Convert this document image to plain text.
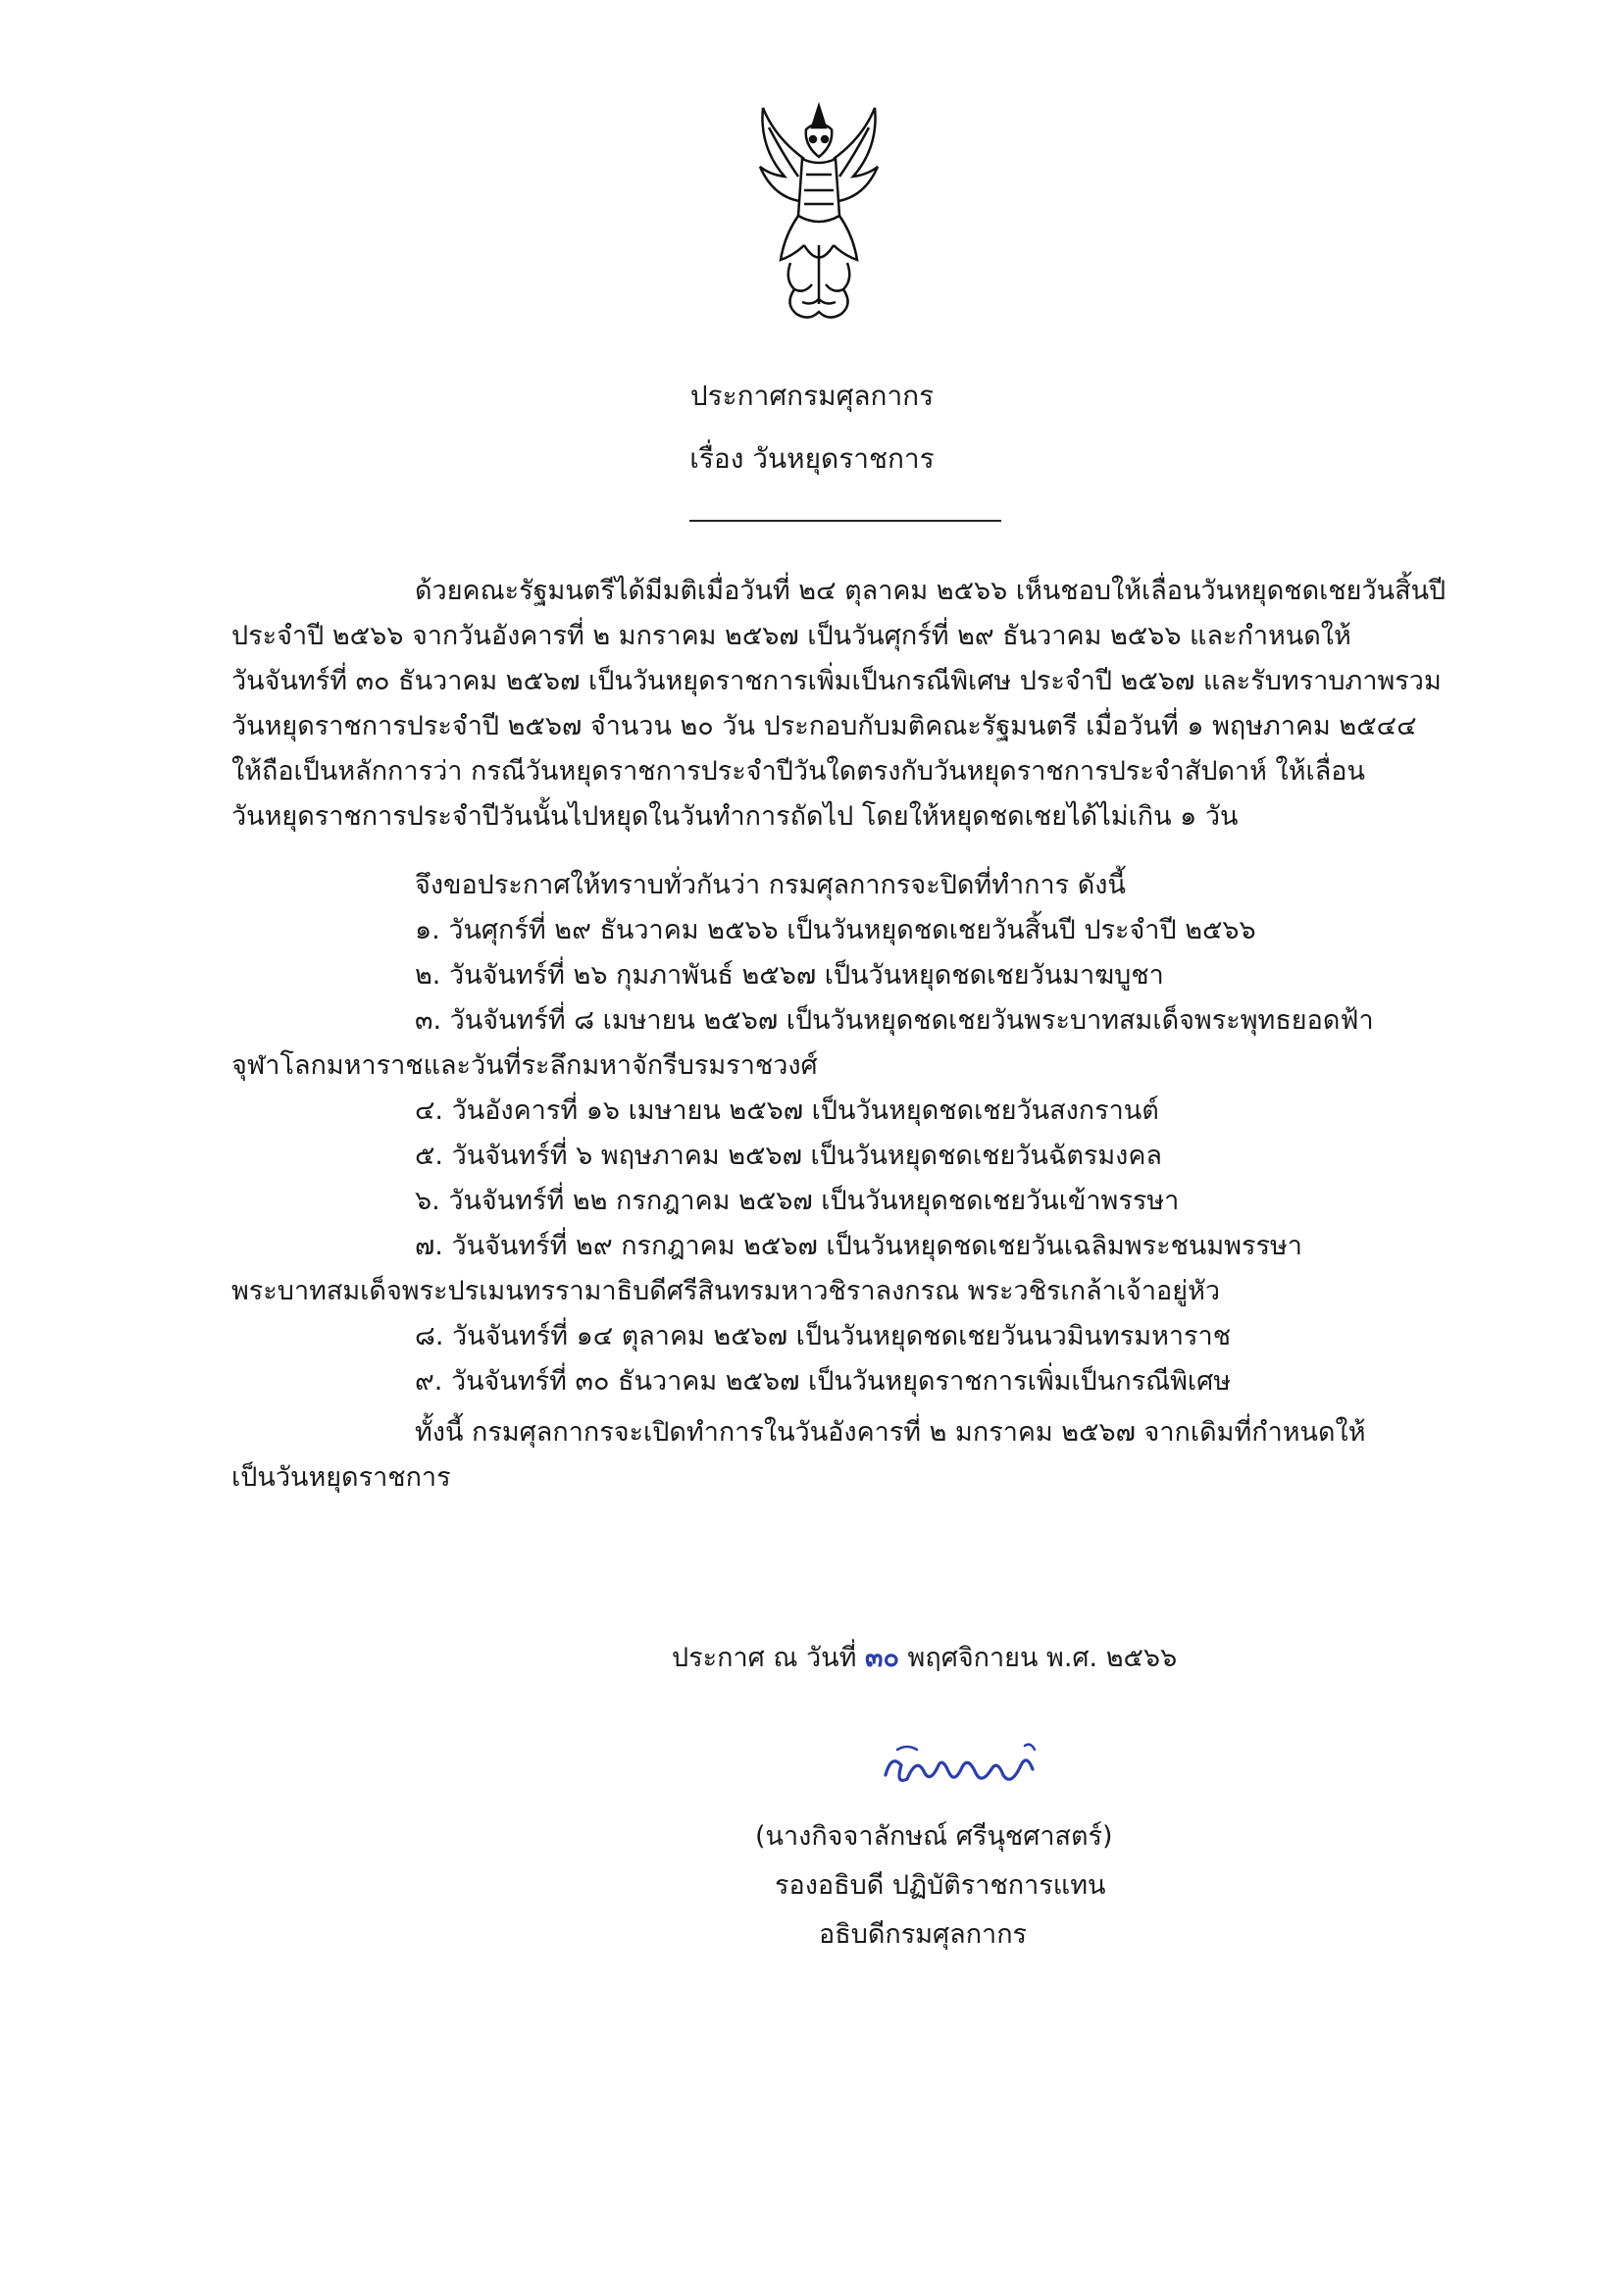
ประกาศกรมศุลกากร
เรื่อง วันหยุดราชการ
ด้วยคณะรัฐมนตรีได้มีมติเมื่อวันที่ ๒๔ ตุลาคม ๒๕๖๖ เห็นชอบให้เลื่อนวันหยุดชดเชยวันสิ้นปี
ประจำปี ๒๕๖๖ จากวันอังคารที่ ๒ มกราคม ๒๕๖๗ เป็นวันศุกร์ที่ ๒๙ ธันวาคม ๒๕๖๖ และกำหนดให้
วันจันทร์ที่ ๓๐ ธันวาคม ๒๕๖๗ เป็นวันหยุดราชการเพิ่มเป็นกรณีพิเศษ ประจำปี ๒๕๖๗ และรับทราบภาพรวม
วันหยุดราชการประจำปี ๒๕๖๗ จำนวน ๒๐ วัน ประกอบกับมติคณะรัฐมนตรี เมื่อวันที่ ๑ พฤษภาคม ๒๕๔๔
ให้ถือเป็นหลักการว่า กรณีวันหยุดราชการประจำปีวันใดตรงกับวันหยุดราชการประจำสัปดาห์ ให้เลื่อน
วันหยุดราชการประจำปีวันนั้นไปหยุดในวันทำการถัดไป โดยให้หยุดชดเชยได้ไม่เกิน ๑ วัน
จึงขอประกาศให้ทราบทั่วกันว่า กรมศุลกากรจะปิดที่ทำการ ดังนี้
๑. วันศุกร์ที่ ๒๙ ธันวาคม ๒๕๖๖ เป็นวันหยุดชดเชยวันสิ้นปี ประจำปี ๒๕๖๖
๒. วันจันทร์ที่ ๒๖ กุมภาพันธ์ ๒๕๖๗ เป็นวันหยุดชดเชยวันมาฆบูชา
๓. วันจันทร์ที่ ๘ เมษายน ๒๕๖๗ เป็นวันหยุดชดเชยวันพระบาทสมเด็จพระพุทธยอดฟ้า
จุฬาโลกมหาราชและวันที่ระลึกมหาจักรีบรมราชวงศ์
๔. วันอังคารที่ ๑๖ เมษายน ๒๕๖๗ เป็นวันหยุดชดเชยวันสงกรานต์
๕. วันจันทร์ที่ ๖ พฤษภาคม ๒๕๖๗ เป็นวันหยุดชดเชยวันฉัตรมงคล
๖. วันจันทร์ที่ ๒๒ กรกฎาคม ๒๕๖๗ เป็นวันหยุดชดเชยวันเข้าพรรษา
๗. วันจันทร์ที่ ๒๙ กรกฎาคม ๒๕๖๗ เป็นวันหยุดชดเชยวันเฉลิมพระชนมพรรษา
พระบาทสมเด็จพระปรเมนทรรามาธิบดีศรีสินทรมหาวชิราลงกรณ พระวชิรเกล้าเจ้าอยู่หัว
๘. วันจันทร์ที่ ๑๔ ตุลาคม ๒๕๖๗ เป็นวันหยุดชดเชยวันนวมินทรมหาราช
๙. วันจันทร์ที่ ๓๐ ธันวาคม ๒๕๖๗ เป็นวันหยุดราชการเพิ่มเป็นกรณีพิเศษ
ทั้งนี้ กรมศุลกากรจะเปิดทำการในวันอังคารที่ ๒ มกราคม ๒๕๖๗ จากเดิมที่กำหนดให้
เป็นวันหยุดราชการ
ประกาศ ณ วันที่ ๓๐ พฤศจิกายน พ.ศ. ๒๕๖๖
(นางกิจจาลักษณ์ ศรีนุชศาสตร์)
รองอธิบดี ปฏิบัติราชการแทน
อธิบดีกรมศุลกากร
